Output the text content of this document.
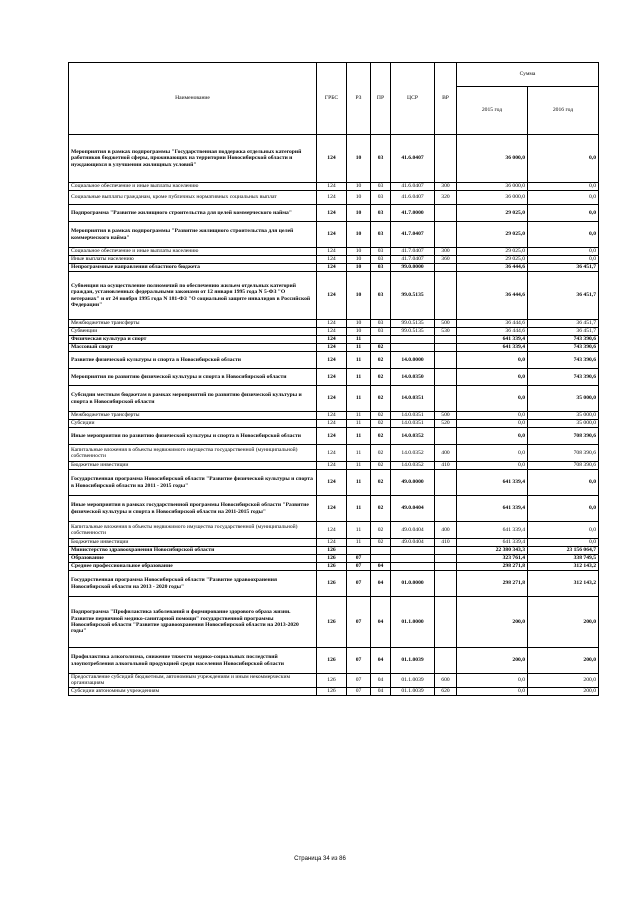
Наименование	ГРБС	РЗ	ПР	ЦСР	ВР	Сумма	
						2015 год	2016 год
Мероприятия в рамках подпрограммы "Государственная поддержка отдельных категорий работников бюджетной сферы, проживающих на территории Новосибирской области и нуждающихся в улучшении жилищных условий"	124	10	03	41.6.0407		36 000,0	0,0
Социальное обеспечение и иные выплаты населению	124	10	03	41.6.0407	300	36 000,0	0,0
Социальные выплаты гражданам, кроме публичных нормативных социальных выплат	124	10	03	41.6.0407	320	36 000,0	0,0
Подпрограмма "Развитие жилищного строительства для целей коммерческого найма"	124	10	03	41.7.0000		29 025,0	0,0
Мероприятия в рамках подпрограммы "Развитие жилищного строительства для целей коммерческого найма"	124	10	03	41.7.0407		29 025,0	0,0
Социальное обеспечение и иные выплаты населению	124	10	03	41.7.0407	300	29 025,0	0,0
Иные выплаты населению	124	10	03	41.7.0407	360	29 025,0	0,0
Непрограммные направления областного бюджета	124	10	03	99.0.0000		36 444,6	36 451,7
Субвенция на осуществление полномочий по обеспечению жильем отдельных категорий граждан, установленных федеральными законами от 12 января 1995 года N 5-ФЗ "О ветеранах" и от 24 ноября 1995 года N 181-ФЗ "О социальной защите инвалидов в Российской Федерации"	124	10	03	99.0.5135		36 444,6	36 451,7
Межбюджетные трансферты	124	10	03	99.0.5135	500	36 444,6	36 451,7
Субвенции	124	10	03	99.0.5135	530	36 444,6	36 451,7
Физическая культура и спорт	124	11				641 339,4	743 390,6
Массовый спорт	124	11	02			641 339,4	743 390,6
Развитие физической культуры и спорта в Новосибирской области	124	11	02	14.0.0000		0,0	743 390,6
Мероприятия по развитию физической культуры и спорта в Новосибирской области	124	11	02	14.0.0350		0,0	743 390,6
Субсидии местным бюджетам в рамках мероприятий по развитию физической культуры и спорта в Новосибирской области	124	11	02	14.0.0351		0,0	35 000,0
Межбюджетные трансферты	124	11	02	14.0.0351	500	0,0	35 000,0
Субсидии	124	11	02	14.0.0351	520	0,0	35 000,0
Иные мероприятия по развитию физической культуры и спорта в Новосибирской области	124	11	02	14.0.0352		0,0	708 390,6
Капитальные вложения в объекты недвижимого имущества государственной (муниципальной) собственности	124	11	02	14.0.0352	400	0,0	708 390,6
Бюджетные инвестиции	124	11	02	14.0.0352	410	0,0	708 390,6
Государственная программа Новосибирской области "Развитие физической культуры и спорта в Новосибирской области на 2011 - 2015 годы"	124	11	02	49.0.0000		641 339,4	0,0
Иные мероприятия в рамках государственной программы Новосибирской области "Развитие физической культуры и спорта в Новосибирской области на 2011-2015 годы"	124	11	02	49.0.0404		641 339,4	0,0
Капитальные вложения в объекты недвижимого имущества государственной (муниципальной) собственности	124	11	02	49.0.0404	400	641 339,4	0,0
Бюджетные инвестиции	124	11	02	49.0.0404	410	641 339,4	0,0
Министерство здравоохранения Новосибирской области	126					22 380 343,3	23 156 064,7
Образование	126	07				323 761,4	338 749,5
Среднее профессиональное образование	126	07	04			298 271,8	312 143,2
Государственная программа Новосибирской области "Развитие здравоохранения Новосибирской области на 2013 - 2020 годы"	126	07	04	01.0.0000		298 271,8	312 143,2
Подпрограмма "Профилактика заболеваний и формирование здорового образа жизни. Развитие первичной медико-санитарной помощи" государственной программы Новосибирской области "Развитие здравоохранения Новосибирской области на 2013-2020 годы"	126	07	04	01.1.0000		200,0	200,0
Профилактика алкоголизма, снижение тяжести медико-социальных последствий злоупотребления алкогольной продукцией среди населения Новосибирской области	126	07	04	01.1.0039		200,0	200,0
Предоставление субсидий бюджетным, автономным учреждениям и иным некоммерческим организациям	126	07	04	01.1.0039	600	0,0	200,0
Субсидии автономным учреждениям	126	07	04	01.1.0039	620	0,0	200,0
Страница 34 из 86
